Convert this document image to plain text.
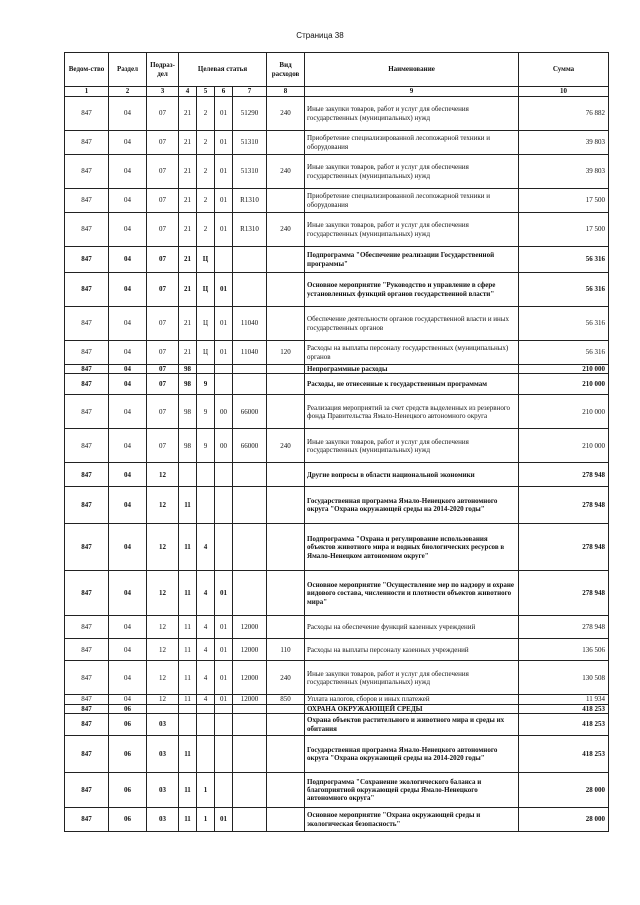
Страница 38
Ведом-ство	Раздел	Подраз-дел	Целевая статья				Вид расходов	Наименование	Сумма
1	2	3	4	5	6	7	8	9	10
847	04	07	21	2	01	51290	240	Иные закупки товаров, работ и услуг для обеспечения государственных (муниципальных) нужд	76 882
847	04	07	21	2	01	51310		Приобретение специализированной лесопожарной техники и оборудования	39 803
847	04	07	21	2	01	51310	240	Иные закупки товаров, работ и услуг для обеспечения государственных (муниципальных) нужд	39 803
847	04	07	21	2	01	R1310		Приобретение специализированной лесопожарной техники и оборудования	17 500
847	04	07	21	2	01	R1310	240	Иные закупки товаров, работ и услуг для обеспечения государственных (муниципальных) нужд	17 500
847	04	07	21	Ц				Подпрограмма "Обеспечение реализации Государственной программы"	56 316
847	04	07	21	Ц	01			Основное мероприятие "Руководство и управление в сфере установленных функций органов государственной власти"	56 316
847	04	07	21	Ц	01	11040		Обеспечение деятельности органов государственной власти и иных государственных органов	56 316
847	04	07	21	Ц	01	11040	120	Расходы на выплаты персоналу государственных (муниципальных) органов	56 316
847	04	07	98					Непрограммные расходы	210 000
847	04	07	98	9				Расходы, не отнесенные к государственным программам	210 000
847	04	07	98	9	00	66000		Реализация мероприятий за счет средств выделенных из резервного фонда Правительства Ямало-Ненецкого автономного округа	210 000
847	04	07	98	9	00	66000	240	Иные закупки товаров, работ и услуг для обеспечения государственных (муниципальных) нужд	210 000
847	04	12						Другие вопросы в области национальной экономики	278 948
847	04	12	11					Государственная программа Ямало-Ненецкого автономного округа "Охрана окружающей среды на 2014-2020 годы"	278 948
847	04	12	11	4				Подпрограмма "Охрана и регулирование использования объектов животного мира и водных биологических ресурсов в Ямало-Ненецком автономном округе"	278 948
847	04	12	11	4	01			Основное мероприятие "Осуществление мер по надзору и охране видового состава, численности и плотности объектов животного мира"	278 948
847	04	12	11	4	01	12000		Расходы на обеспечение функций казенных учреждений	278 948
847	04	12	11	4	01	12000	110	Расходы на выплаты персоналу казенных учреждений	136 506
847	04	12	11	4	01	12000	240	Иные закупки товаров, работ и услуг для обеспечения государственных (муниципальных) нужд	130 508
847	04	12	11	4	01	12000	850	Уплата налогов, сборов и иных платежей	11 934
847	06							ОХРАНА ОКРУЖАЮЩЕЙ СРЕДЫ	418 253
847	06	03						Охрана объектов растительного и животного мира и среды их обитания	418 253
847	06	03	11					Государственная программа Ямало-Ненецкого автономного округа "Охрана окружающей среды на 2014-2020 годы"	418 253
847	06	03	11	1				Подпрограмма "Сохранение экологического баланса и благоприятной окружающей среды Ямало-Ненецкого автономного округа"	28 000
847	06	03	11	1	01			Основное мероприятие "Охрана окружающей среды и экологическая безопасность"	28 000
